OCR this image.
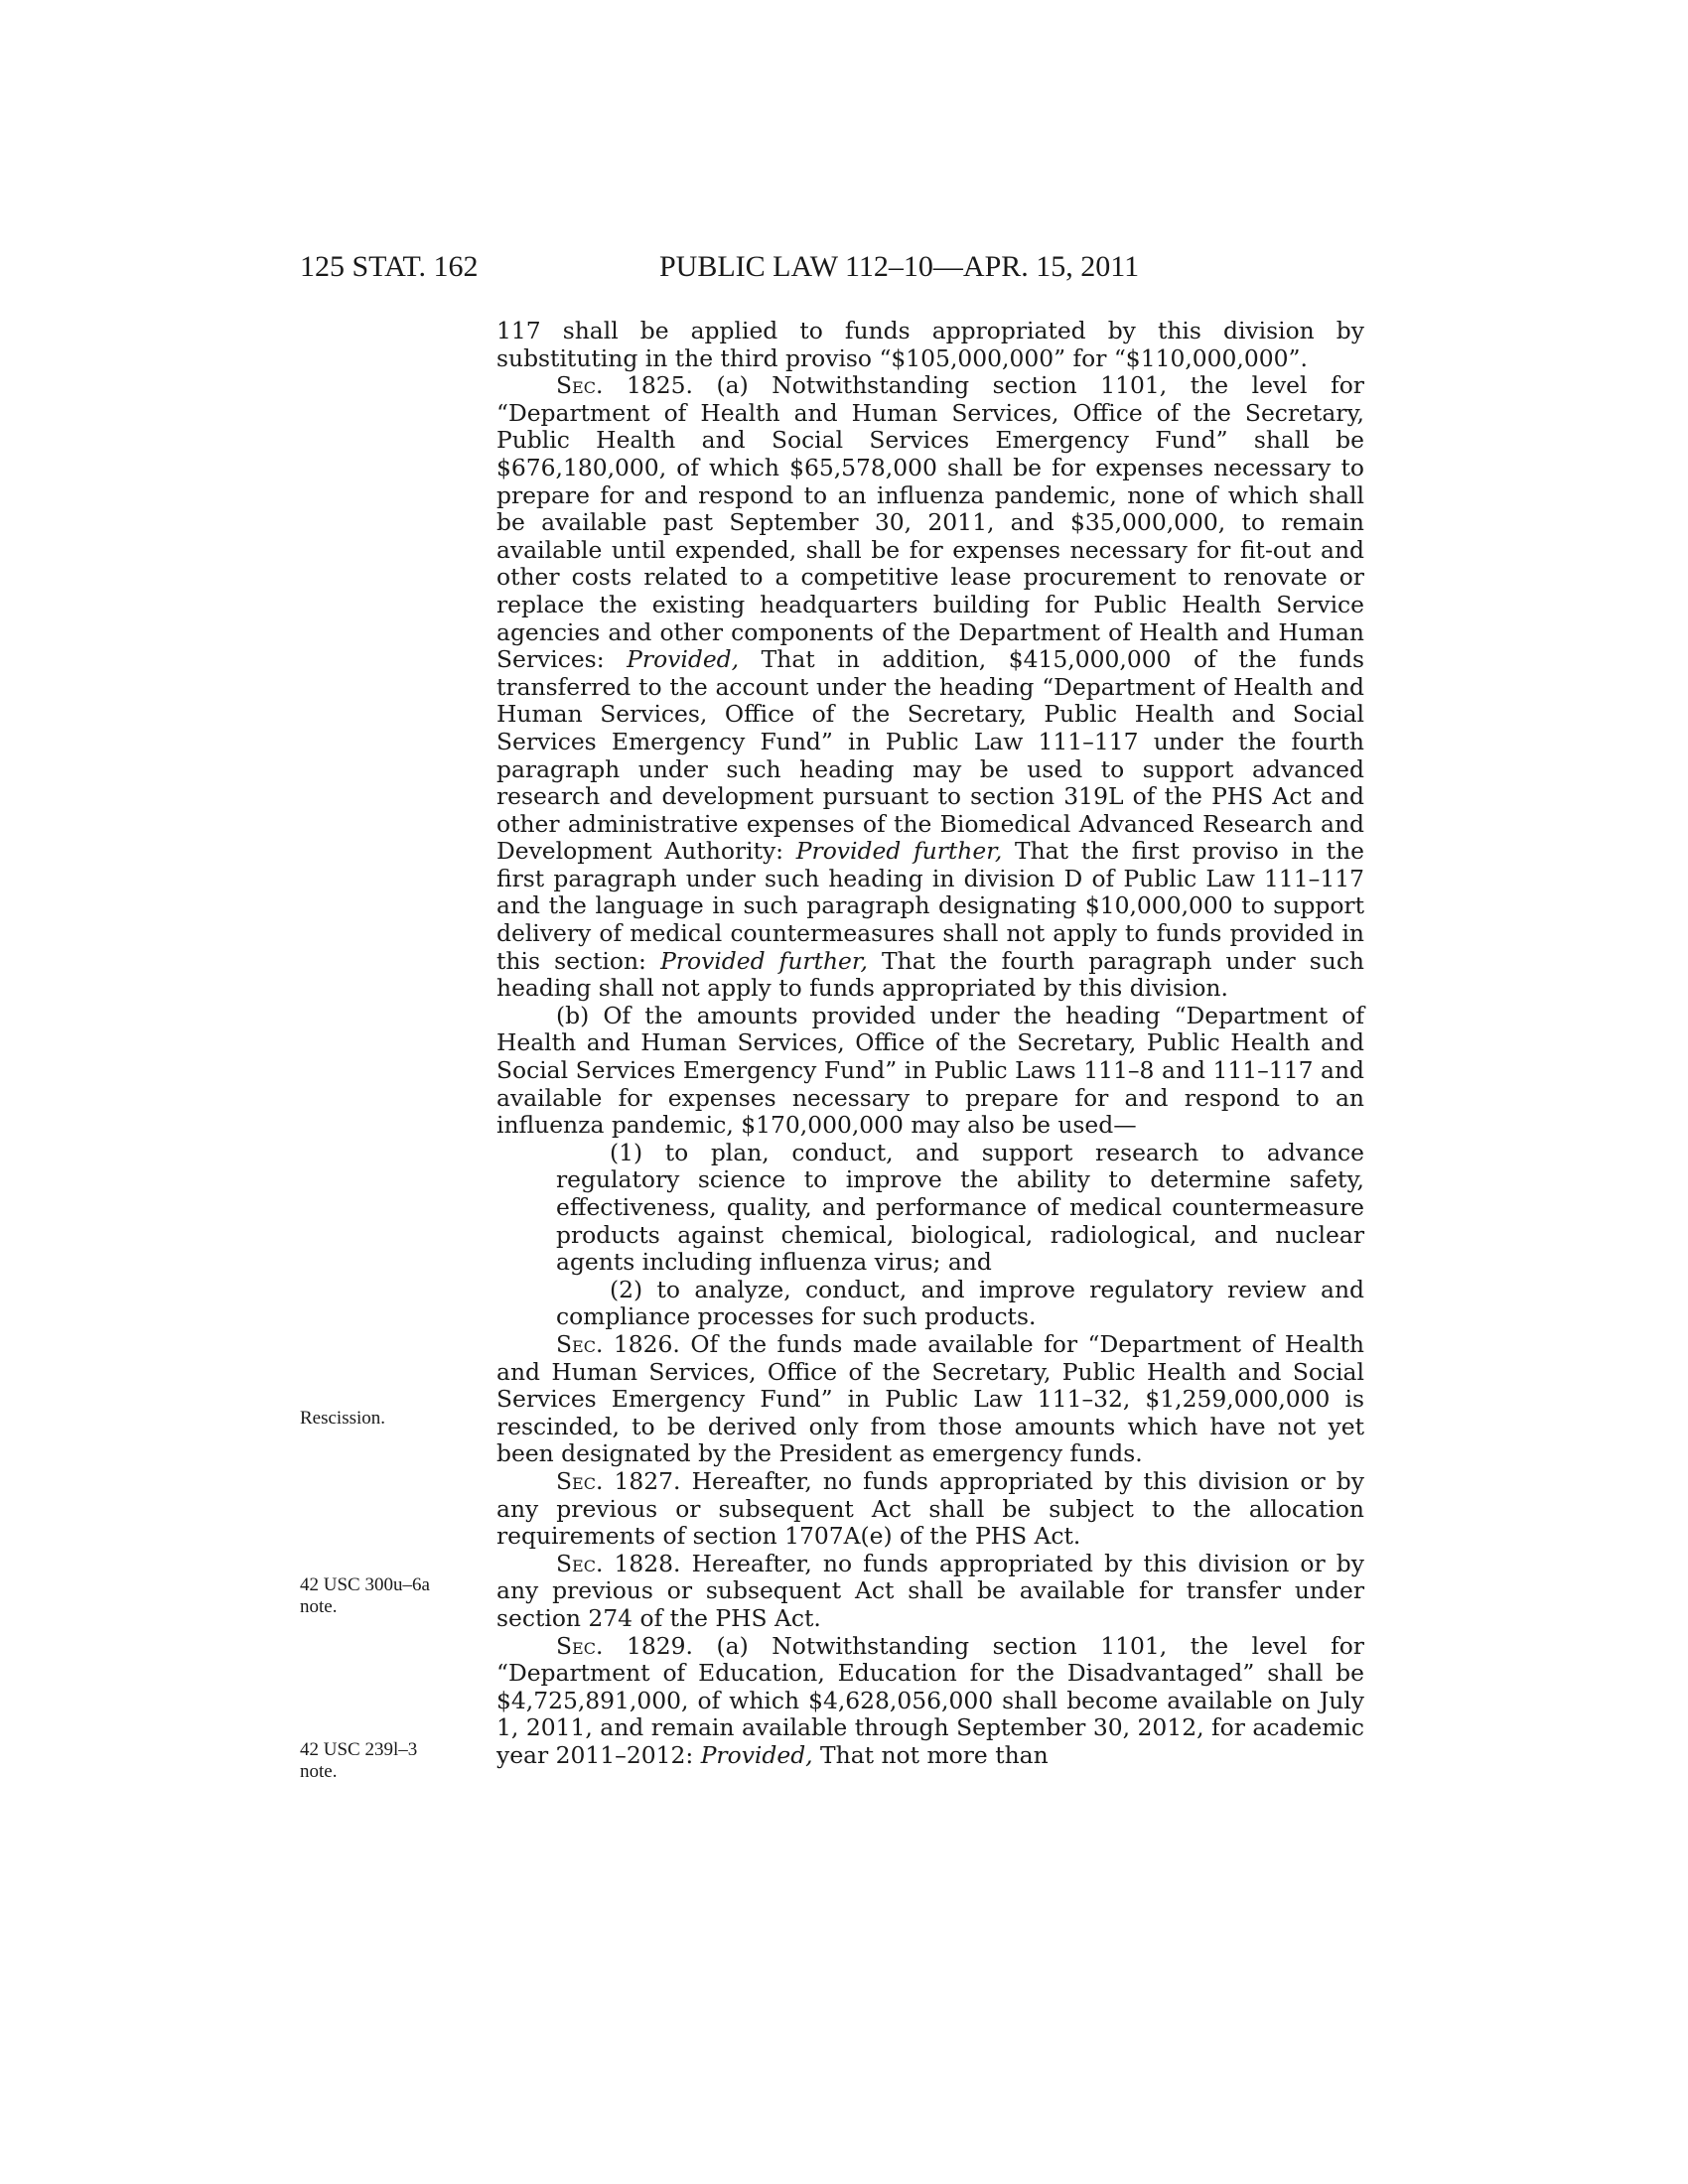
125 STAT. 162	PUBLIC LAW 112–10—APR. 15, 2011
Rescission.
42 USC 300u–6a note.
42 USC 239l–3 note.

117 shall be applied to funds appropriated by this division by substituting in the third proviso “$105,000,000” for “$110,000,000”.

Sec. 1825. (a) Notwithstanding section 1101, the level for “Department of Health and Human Services, Office of the Secretary, Public Health and Social Services Emergency Fund” shall be $676,180,000, of which $65,578,000 shall be for expenses necessary to prepare for and respond to an influenza pandemic, none of which shall be available past September 30, 2011, and $35,000,000, to remain available until expended, shall be for expenses necessary for fit-out and other costs related to a competitive lease procurement to renovate or replace the existing headquarters building for Public Health Service agencies and other components of the Department of Health and Human Services: Provided, That in addition, $415,000,000 of the funds transferred to the account under the heading “Department of Health and Human Services, Office of the Secretary, Public Health and Social Services Emergency Fund” in Public Law 111–117 under the fourth paragraph under such heading may be used to support advanced research and development pursuant to section 319L of the PHS Act and other administrative expenses of the Biomedical Advanced Research and Development Authority: Provided further, That the first proviso in the first paragraph under such heading in division D of Public Law 111–117 and the language in such paragraph designating $10,000,000 to support delivery of medical countermeasures shall not apply to funds provided in this section: Provided further, That the fourth paragraph under such heading shall not apply to funds appropriated by this division.

(b) Of the amounts provided under the heading “Department of Health and Human Services, Office of the Secretary, Public Health and Social Services Emergency Fund” in Public Laws 111–8 and 111–117 and available for expenses necessary to prepare for and respond to an influenza pandemic, $170,000,000 may also be used—

(1) to plan, conduct, and support research to advance regulatory science to improve the ability to determine safety, effectiveness, quality, and performance of medical countermeasure products against chemical, biological, radiological, and nuclear agents including influenza virus; and

(2) to analyze, conduct, and improve regulatory review and compliance processes for such products.

Sec. 1826. Of the funds made available for “Department of Health and Human Services, Office of the Secretary, Public Health and Social Services Emergency Fund” in Public Law 111–32, $1,259,000,000 is rescinded, to be derived only from those amounts which have not yet been designated by the President as emergency funds.

Sec. 1827. Hereafter, no funds appropriated by this division or by any previous or subsequent Act shall be subject to the allocation requirements of section 1707A(e) of the PHS Act.

Sec. 1828. Hereafter, no funds appropriated by this division or by any previous or subsequent Act shall be available for transfer under section 274 of the PHS Act.

Sec. 1829. (a) Notwithstanding section 1101, the level for “Department of Education, Education for the Disadvantaged” shall be $4,725,891,000, of which $4,628,056,000 shall become available on July 1, 2011, and remain available through September 30, 2012, for academic year 2011–2012: Provided, That not more than
